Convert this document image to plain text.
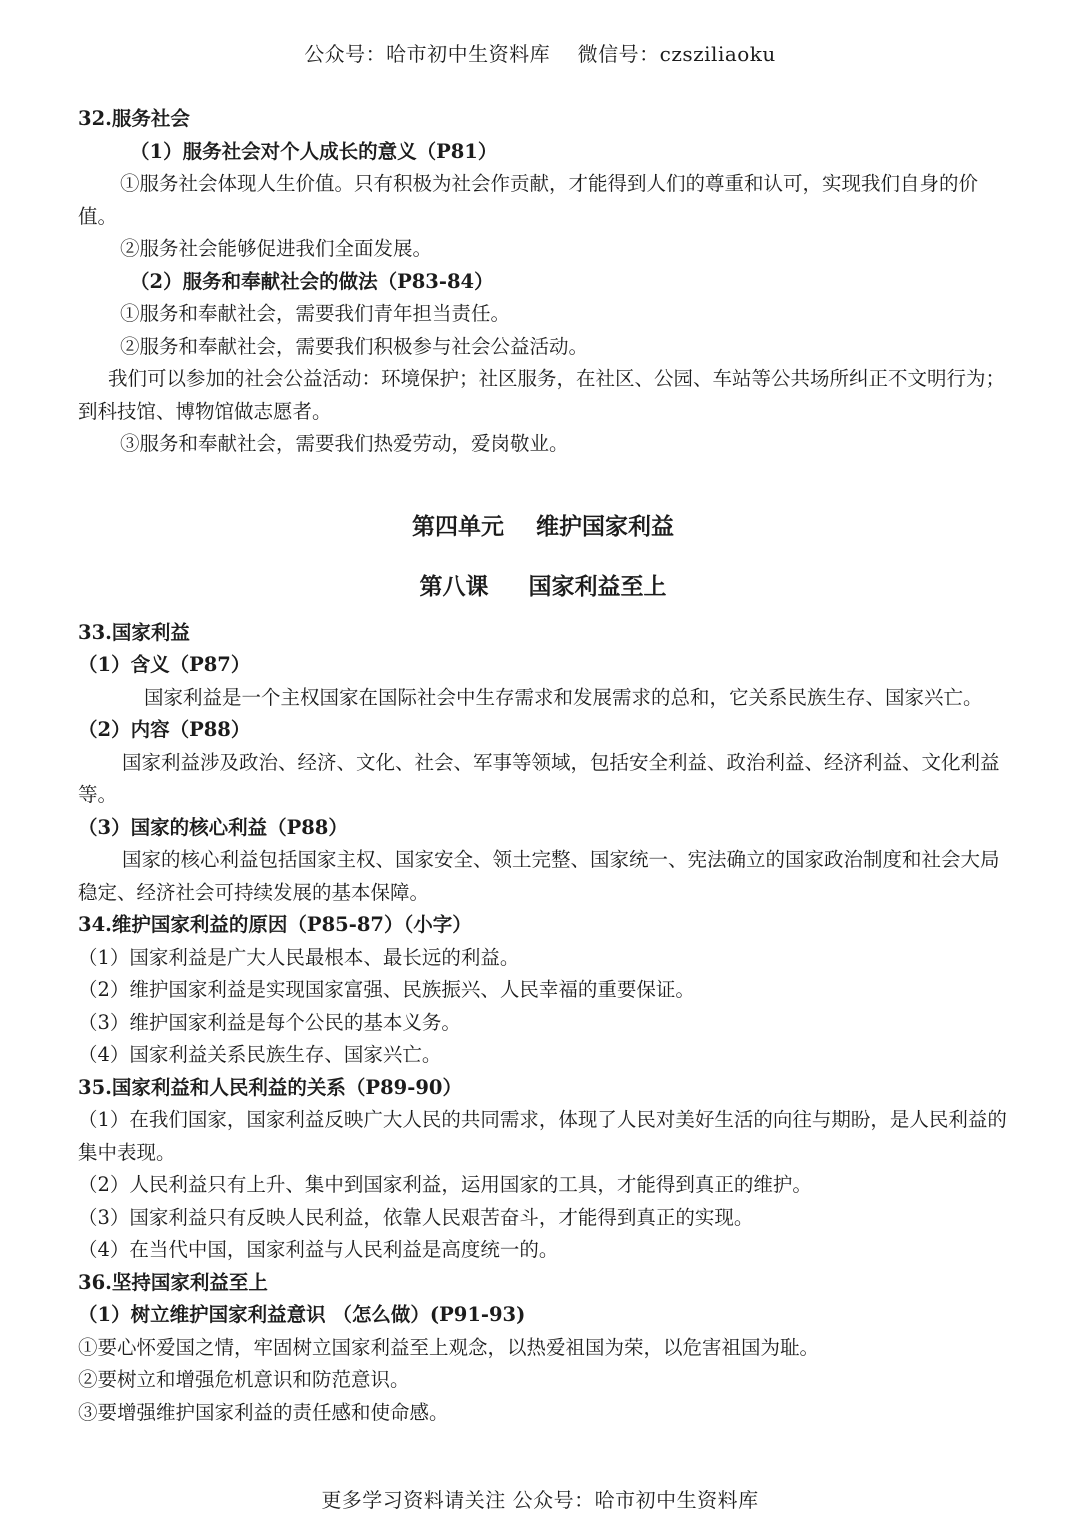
公众号：哈市初中生资料库    微信号：czsziliaoku

32.服务社会

（1）服务社会对个人成长的意义（P81）

①服务社会体现人生价值。只有积极为社会作贡献，才能得到人们的尊重和认可，实现我们自身的价值。

②服务社会能够促进我们全面发展。

（2）服务和奉献社会的做法（P83-84）

①服务和奉献社会，需要我们青年担当责任。

②服务和奉献社会，需要我们积极参与社会公益活动。

我们可以参加的社会公益活动：环境保护；社区服务，在社区、公园、车站等公共场所纠正不文明行为；到科技馆、博物馆做志愿者。

③服务和奉献社会，需要我们热爱劳动，爱岗敬业。

第四单元    维护国家利益

第八课     国家利益至上

33.国家利益

（1）含义（P87）

国家利益是一个主权国家在国际社会中生存需求和发展需求的总和，它关系民族生存、国家兴亡。

（2）内容（P88）

国家利益涉及政治、经济、文化、社会、军事等领域，包括安全利益、政治利益、经济利益、文化利益等。

（3）国家的核心利益（P88）

国家的核心利益包括国家主权、国家安全、领土完整、国家统一、宪法确立的国家政治制度和社会大局稳定、经济社会可持续发展的基本保障。

34.维护国家利益的原因（P85-87）（小字）

（1）国家利益是广大人民最根本、最长远的利益。

（2）维护国家利益是实现国家富强、民族振兴、人民幸福的重要保证。

（3）维护国家利益是每个公民的基本义务。

（4）国家利益关系民族生存、国家兴亡。

35.国家利益和人民利益的关系（P89-90）

（1）在我们国家，国家利益反映广大人民的共同需求，体现了人民对美好生活的向往与期盼，是人民利益的集中表现。

（2）人民利益只有上升、集中到国家利益，运用国家的工具，才能得到真正的维护。

（3）国家利益只有反映人民利益，依靠人民艰苦奋斗，才能得到真正的实现。

（4）在当代中国，国家利益与人民利益是高度统一的。

36.坚持国家利益至上

（1）树立维护国家利益意识 （怎么做）(P91-93)

①要心怀爱国之情，牢固树立国家利益至上观念，以热爱祖国为荣，以危害祖国为耻。

②要树立和增强危机意识和防范意识。

③要增强维护国家利益的责任感和使命感。

更多学习资料请关注 公众号：哈市初中生资料库
